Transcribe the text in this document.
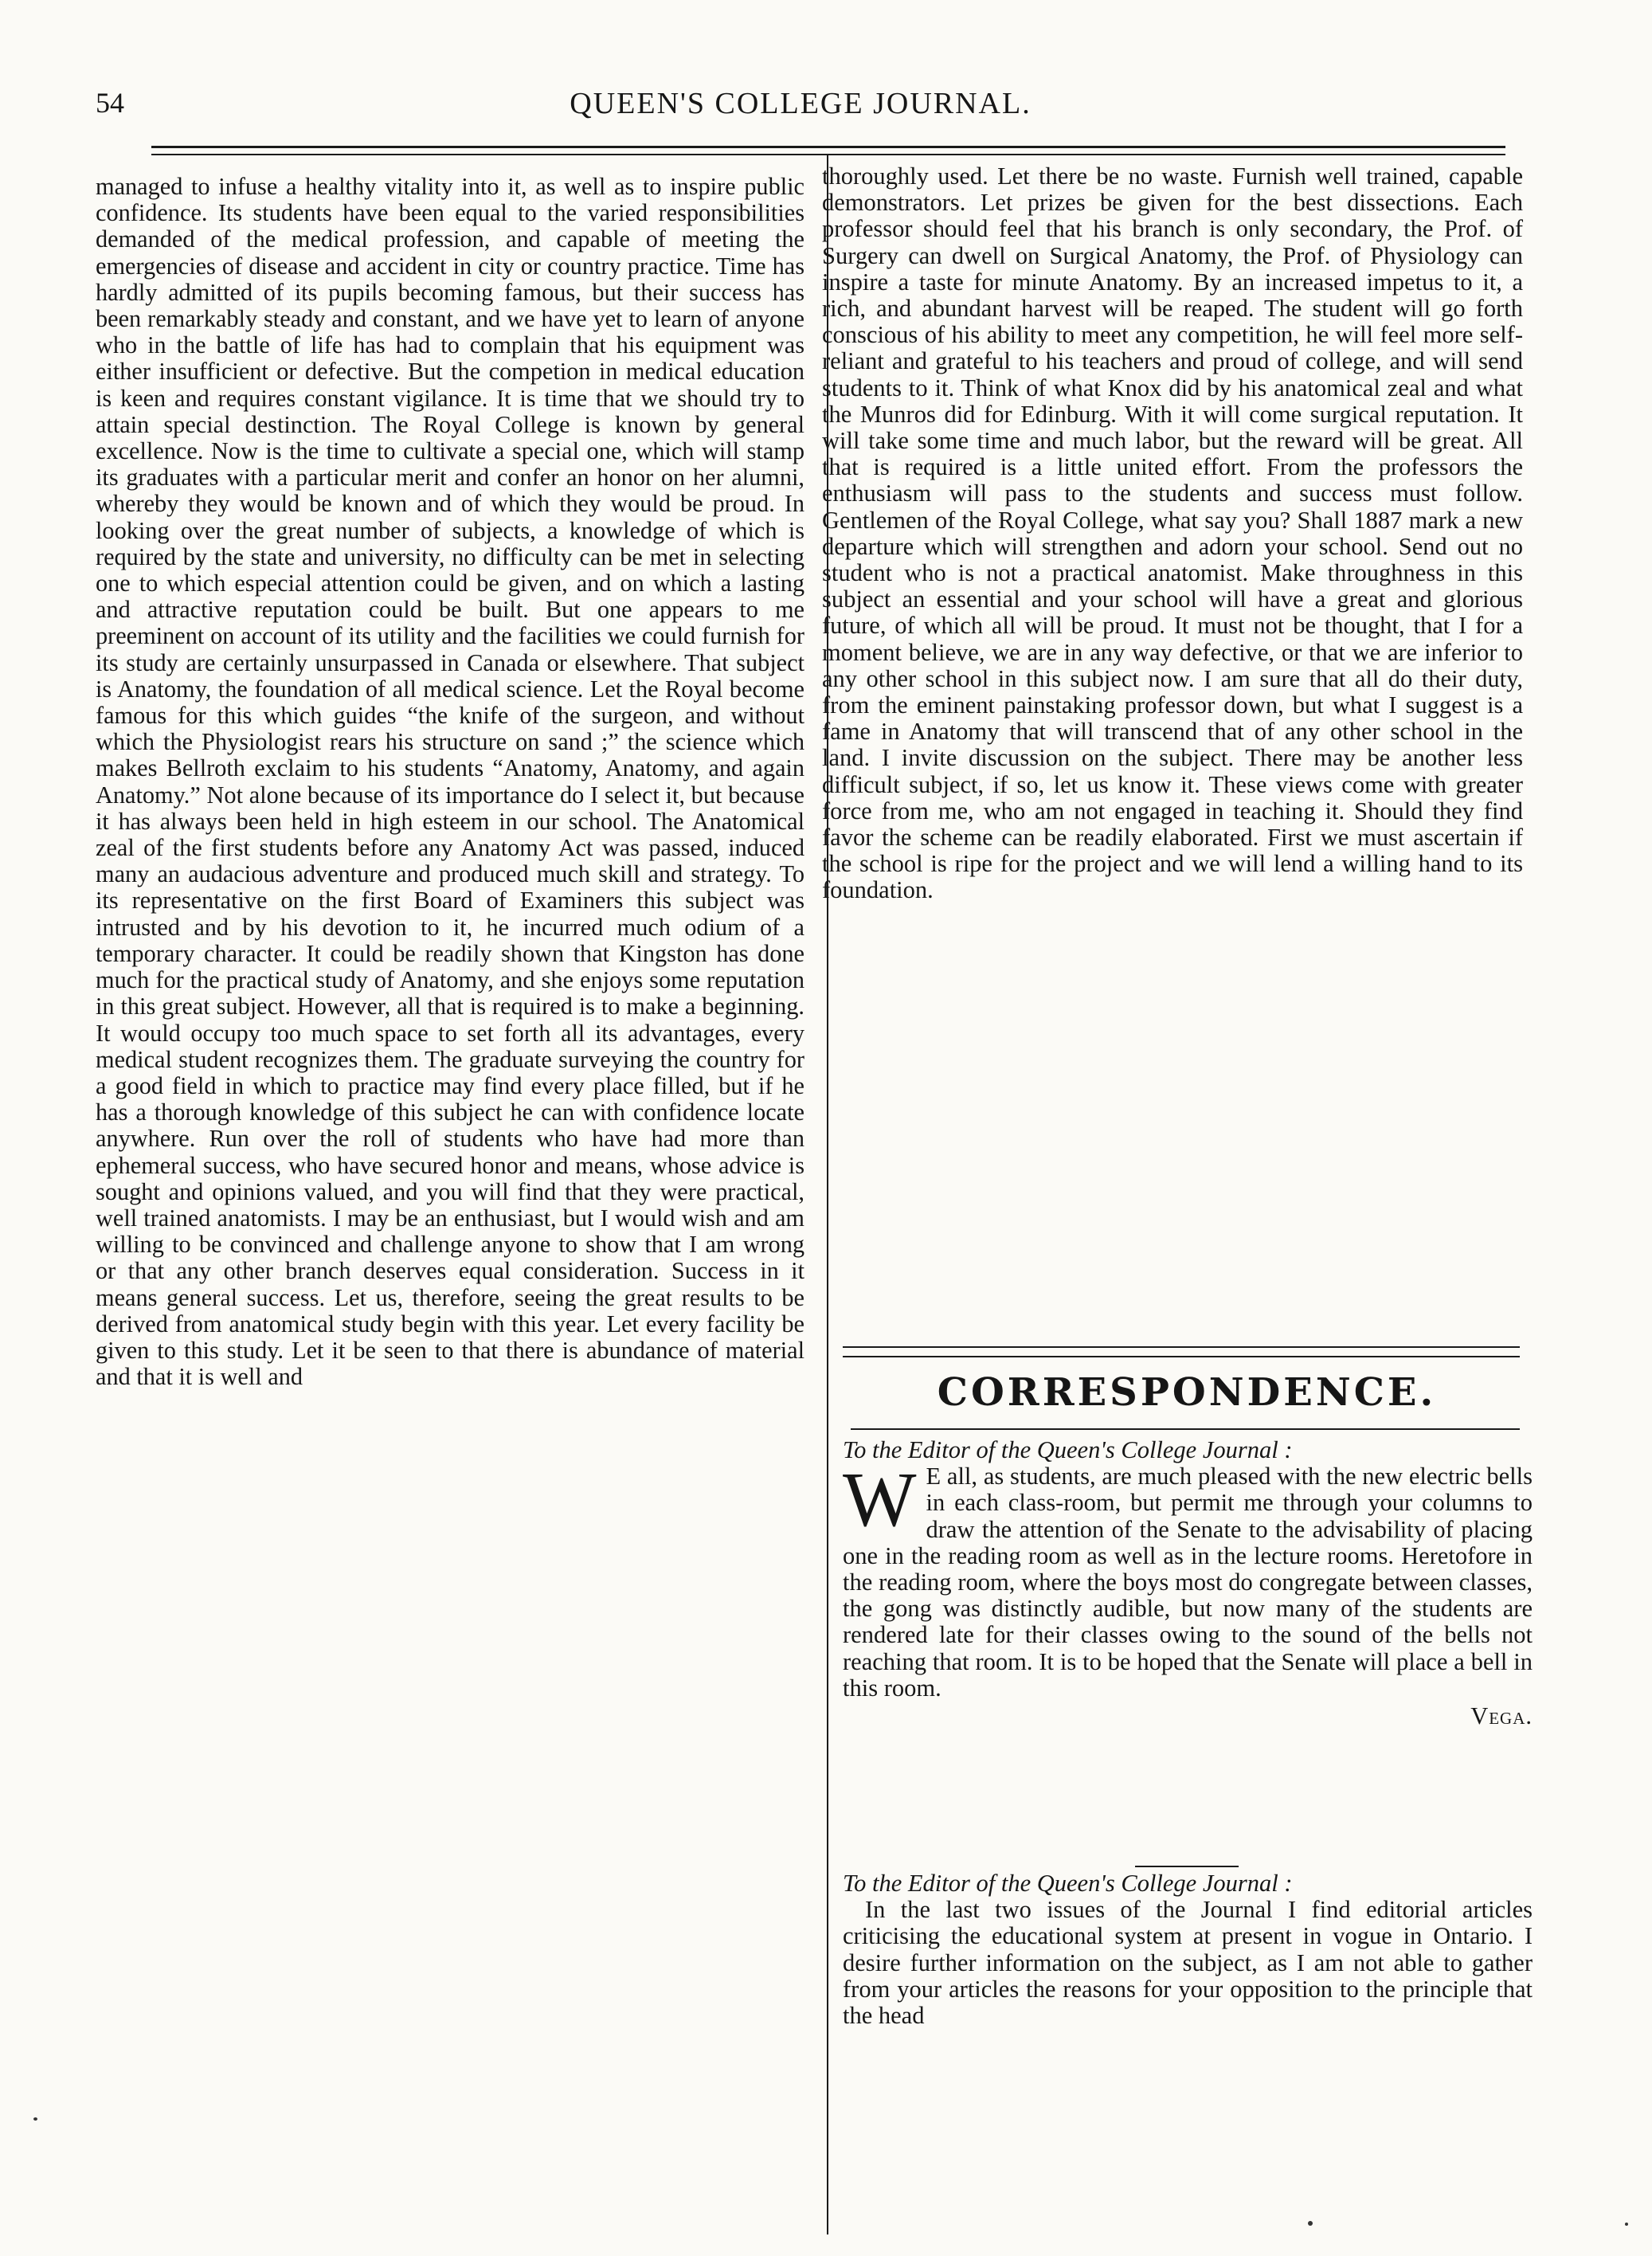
54	QUEEN'S COLLEGE JOURNAL.

managed to infuse a healthy vitality into it, as well as to inspire public confidence. Its students have been equal to the varied responsibilities demanded of the medical profession, and capable of meeting the emergencies of disease and accident in city or country practice. Time has hardly admitted of its pupils becoming famous, but their success has been remarkably steady and constant, and we have yet to learn of anyone who in the battle of life has had to complain that his equipment was either insufficient or defective. But the competion in medical education is keen and requires constant vigilance. It is time that we should try to attain special destinction. The Royal College is known by general excellence. Now is the time to cultivate a special one, which will stamp its graduates with a particular merit and confer an honor on her alumni, whereby they would be known and of which they would be proud. In looking over the great number of subjects, a knowledge of which is required by the state and university, no difficulty can be met in selecting one to which especial attention could be given, and on which a lasting and attractive reputation could be built. But one appears to me preeminent on account of its utility and the facilities we could furnish for its study are certainly unsurpassed in Canada or elsewhere. That subject is Anatomy, the foundation of all medical science. Let the Royal become famous for this which guides “the knife of the surgeon, and without which the Physiologist rears his structure on sand ;” the science which makes Bellroth exclaim to his students “Anatomy, Anatomy, and again Anatomy.” Not alone because of its importance do I select it, but because it has always been held in high esteem in our school. The Anatomical zeal of the first students before any Anatomy Act was passed, induced many an audacious adventure and produced much skill and strategy. To its representative on the first Board of Examiners this subject was intrusted and by his devotion to it, he incurred much odium of a temporary character. It could be readily shown that Kingston has done much for the practical study of Anatomy, and she enjoys some reputation in this great subject. However, all that is required is to make a beginning. It would occupy too much space to set forth all its advantages, every medical student recognizes them. The graduate surveying the country for a good field in which to practice may find every place filled, but if he has a thorough knowledge of this subject he can with confidence locate anywhere. Run over the roll of students who have had more than ephemeral success, who have secured honor and means, whose advice is sought and opinions valued, and you will find that they were practical, well trained anatomists. I may be an enthusiast, but I would wish and am willing to be convinced and challenge anyone to show that I am wrong or that any other branch deserves equal consideration. Success in it means general success. Let us, therefore, seeing the great results to be derived from anatomical study begin with this year. Let every facility be given to this study. Let it be seen to that there is abundance of material and that it is well and

thoroughly used. Let there be no waste. Furnish well trained, capable demonstrators. Let prizes be given for the best dissections. Each professor should feel that his branch is only secondary, the Prof. of Surgery can dwell on Surgical Anatomy, the Prof. of Physiology can inspire a taste for minute Anatomy. By an increased impetus to it, a rich, and abundant harvest will be reaped. The student will go forth conscious of his ability to meet any competition, he will feel more self-reliant and grateful to his teachers and proud of college, and will send students to it. Think of what Knox did by his anatomical zeal and what the Munros did for Edinburg. With it will come surgical reputation. It will take some time and much labor, but the reward will be great. All that is required is a little united effort. From the professors the enthusiasm will pass to the students and success must follow. Gentlemen of the Royal College, what say you? Shall 1887 mark a new departure which will strengthen and adorn your school. Send out no student who is not a practical anatomist. Make throughness in this subject an essential and your school will have a great and glorious future, of which all will be proud. It must not be thought, that I for a moment believe, we are in any way defective, or that we are inferior to any other school in this subject now. I am sure that all do their duty, from the eminent painstaking professor down, but what I suggest is a fame in Anatomy that will transcend that of any other school in the land. I invite discussion on the subject. There may be another less difficult subject, if so, let us know it. These views come with greater force from me, who am not engaged in teaching it. Should they find favor the scheme can be readily elaborated. First we must ascertain if the school is ripe for the project and we will lend a willing hand to its foundation.

CORRESPONDENCE.

To the Editor of the Queen's College Journal :

W E all, as students, are much pleased with the new electric bells in each class-room, but permit me through your columns to draw the attention of the Senate to the advisability of placing one in the reading room as well as in the lecture rooms. Heretofore in the reading room, where the boys most do congregate between classes, the gong was distinctly audible, but now many of the students are rendered late for their classes owing to the sound of the bells not reaching that room. It is to be hoped that the Senate will place a bell in this room.

Vega.

To the Editor of the Queen's College Journal :

In the last two issues of the Journal I find editorial articles criticising the educational system at present in vogue in Ontario. I desire further information on the subject, as I am not able to gather from your articles the reasons for your opposition to the principle that the head
